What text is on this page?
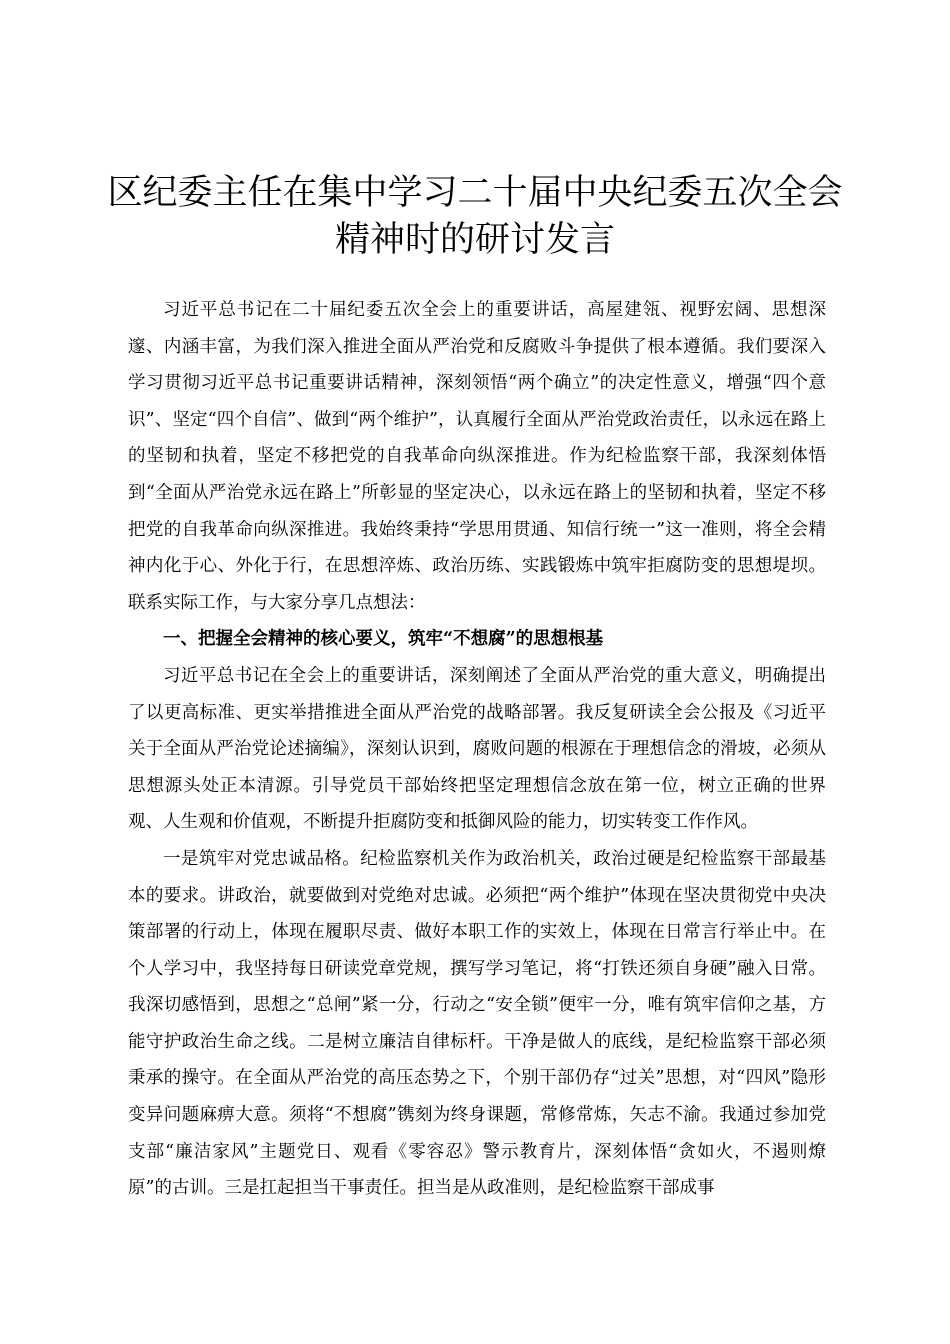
区纪委主任在集中学习二十届中央纪委五次全会精神时的研讨发言

习近平总书记在二十届纪委五次全会上的重要讲话，高屋建瓴、视野宏阔、思想深邃、内涵丰富，为我们深入推进全面从严治党和反腐败斗争提供了根本遵循。我们要深入学习贯彻习近平总书记重要讲话精神，深刻领悟“两个确立”的决定性意义，增强“四个意识”、坚定“四个自信”、做到“两个维护”，认真履行全面从严治党政治责任，以永远在路上的坚韧和执着，坚定不移把党的自我革命向纵深推进。作为纪检监察干部，我深刻体悟到“全面从严治党永远在路上”所彰显的坚定决心，以永远在路上的坚韧和执着，坚定不移把党的自我革命向纵深推进。我始终秉持“学思用贯通、知信行统一”这一准则，将全会精神内化于心、外化于行，在思想淬炼、政治历练、实践锻炼中筑牢拒腐防变的思想堤坝。联系实际工作，与大家分享几点想法：

一、把握全会精神的核心要义，筑牢“不想腐”的思想根基

习近平总书记在全会上的重要讲话，深刻阐述了全面从严治党的重大意义，明确提出了以更高标准、更实举措推进全面从严治党的战略部署。我反复研读全会公报及《习近平关于全面从严治党论述摘编》，深刻认识到，腐败问题的根源在于理想信念的滑坡，必须从思想源头处正本清源。引导党员干部始终把坚定理想信念放在第一位，树立正确的世界观、人生观和价值观，不断提升拒腐防变和抵御风险的能力，切实转变工作作风。

一是筑牢对党忠诚品格。纪检监察机关作为政治机关，政治过硬是纪检监察干部最基本的要求。讲政治，就要做到对党绝对忠诚。必须把“两个维护”体现在坚决贯彻党中央决策部署的行动上，体现在履职尽责、做好本职工作的实效上，体现在日常言行举止中。在个人学习中，我坚持每日研读党章党规，撰写学习笔记，将“打铁还须自身硬”融入日常。我深切感悟到，思想之“总闸”紧一分，行动之“安全锁”便牢一分，唯有筑牢信仰之基，方能守护政治生命之线。二是树立廉洁自律标杆。干净是做人的底线，是纪检监察干部必须秉承的操守。在全面从严治党的高压态势之下，个别干部仍存“过关”思想，对“四风”隐形变异问题麻痹大意。须将“不想腐”镌刻为终身课题，常修常炼，矢志不渝。我通过参加党支部“廉洁家风”主题党日、观看《零容忍》警示教育片，深刻体悟“贪如火，不遏则燎原”的古训。三是扛起担当干事责任。担当是从政准则，是纪检监察干部成事
